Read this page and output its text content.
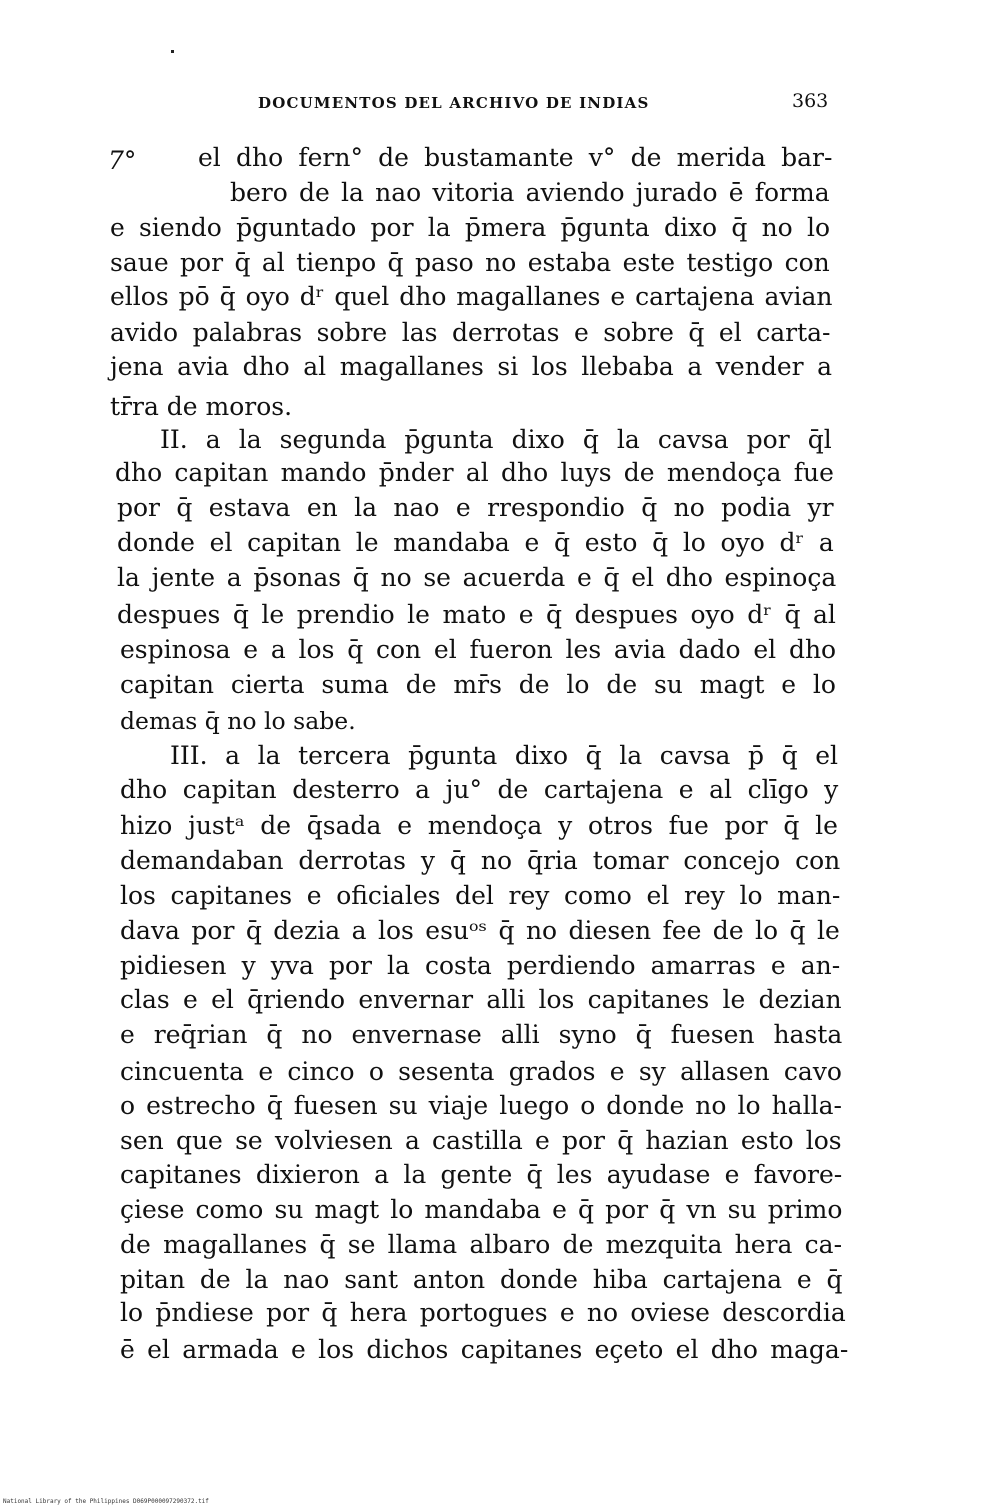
DOCUMENTOS DEL ARCHIVO DE INDIAS	363
7° el dho fern° de bustamante v° de merida bar-
bero de la nao vitoria aviendo jurado ē forma
e siendo p̄guntado por la p̄mera p̄gunta dixo q̄ no lo
saue por q̄ al tienpo q̄ paso no estaba este testigo con
ellos pō q̄ oyo dʳ quel dho magallanes e cartajena avian
avido palabras sobre las derrotas e sobre q̄ el carta-
jena avia dho al magallanes si los llebaba a vender a
tr̄ra de moros.
II. a la segunda p̄gunta dixo q̄ la cavsa por q̄l
dho capitan mando p̄nder al dho luys de mendoça fue
por q̄ estava en la nao e rrespondio q̄ no podia yr
donde el capitan le mandaba e q̄ esto q̄ lo oyo dʳ a
la jente a p̄sonas q̄ no se acuerda e q̄ el dho espinoça
despues q̄ le prendio le mato e q̄ despues oyo dʳ q̄ al
espinosa e a los q̄ con el fueron les avia dado el dho
capitan cierta suma de mr̄s de lo de su magt e lo
demas q̄ no lo sabe.
III. a la tercera p̄gunta dixo q̄ la cavsa p̄ q̄ el
dho capitan desterro a ju° de cartajena e al clīgo y
hizo justᵃ de q̄sada e mendoça y otros fue por q̄ le
demandaban derrotas y q̄ no q̄ria tomar concejo con
los capitanes e oficiales del rey como el rey lo man-
dava por q̄ dezia a los esuᵒˢ q̄ no diesen fee de lo q̄ le
pidiesen y yva por la costa perdiendo amarras e an-
clas e el q̄riendo envernar alli los capitanes le dezian
e req̄rian q̄ no envernase alli syno q̄ fuesen hasta
cincuenta e cinco o sesenta grados e sy allasen cavo
o estrecho q̄ fuesen su viaje luego o donde no lo halla-
sen que se volviesen a castilla e por q̄ hazian esto los
capitanes dixieron a la gente q̄ les ayudase e favore-
çiese como su magt lo mandaba e q̄ por q̄ vn su primo
de magallanes q̄ se llama albaro de mezquita hera ca-
pitan de la nao sant anton donde hiba cartajena e q̄
lo p̄ndiese por q̄ hera portogues e no oviese descordia
ē el armada e los dichos capitanes eçeto el dho maga-
National Library of the Philippines D069P000097290372.tif
